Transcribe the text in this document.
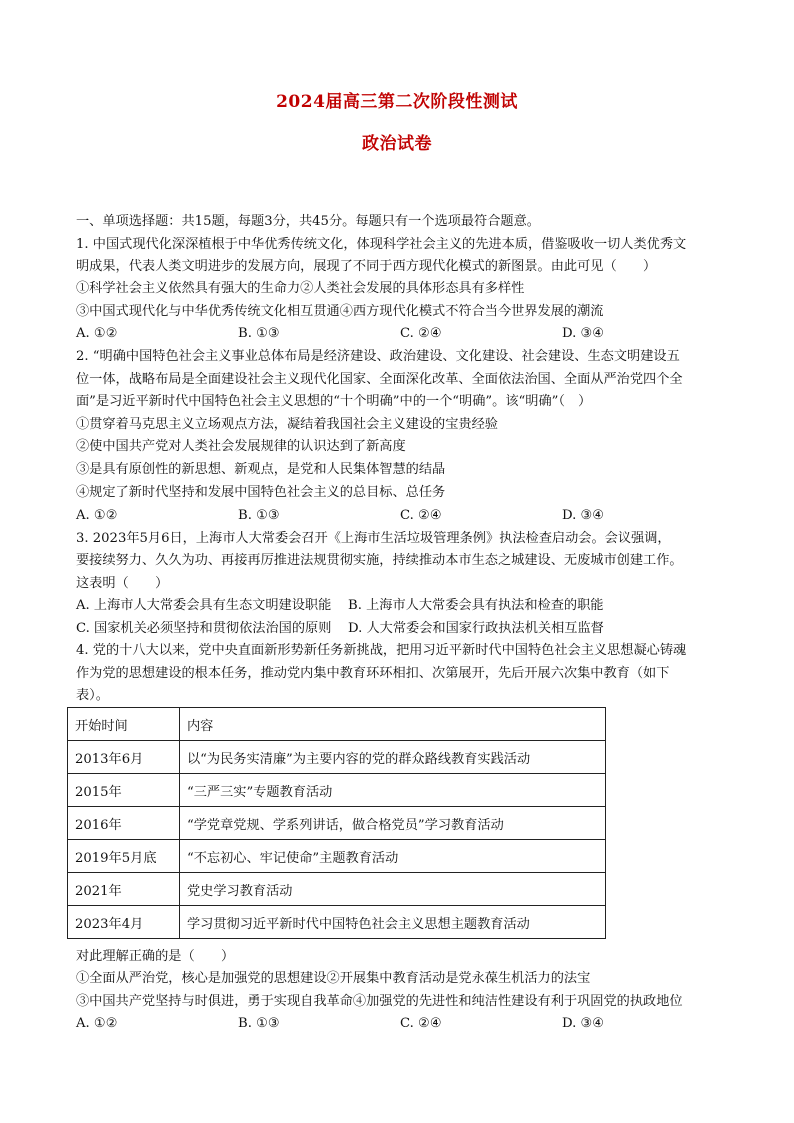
2024届高三第二次阶段性测试
政治试卷
一、单项选择题：共15题，每题3分，共45分。每题只有一个选项最符合题意。
1. 中国式现代化深深植根于中华优秀传统文化，体现科学社会主义的先进本质，借鉴吸收一切人类优秀文
明成果，代表人类文明进步的发展方向，展现了不同于西方现代化模式的新图景。由此可见（　　）
①科学社会主义依然具有强大的生命力②人类社会发展的具体形态具有多样性
③中国式现代化与中华优秀传统文化相互贯通④西方现代化模式不符合当今世界发展的潮流
A. ①②	B. ①③	C. ②④	D. ③④
2. “明确中国特色社会主义事业总体布局是经济建设、政治建设、文化建设、社会建设、生态文明建设五
位一体，战略布局是全面建设社会主义现代化国家、全面深化改革、全面依法治国、全面从严治党四个全
面”是习近平新时代中国特色社会主义思想的“十个明确”中的一个“明确”。该“明确”（　）
①贯穿着马克思主义立场观点方法，凝结着我国社会主义建设的宝贵经验
②使中国共产党对人类社会发展规律的认识达到了新高度
③是具有原创性的新思想、新观点，是党和人民集体智慧的结晶
④规定了新时代坚持和发展中国特色社会主义的总目标、总任务
A. ①②	B. ①③	C. ②④	D. ③④
3. 2023年5月6日，上海市人大常委会召开《上海市生活垃圾管理条例》执法检查启动会。会议强调，
要接续努力、久久为功、再接再厉推进法规贯彻实施，持续推动本市生态之城建设、无废城市创建工作。
这表明（　　）
A. 上海市人大常委会具有生态文明建设职能 B. 上海市人大常委会具有执法和检查的职能
C. 国家机关必须坚持和贯彻依法治国的原则 D. 人大常委会和国家行政执法机关相互监督
4. 党的十八大以来，党中央直面新形势新任务新挑战，把用习近平新时代中国特色社会主义思想凝心铸魂
作为党的思想建设的根本任务，推动党内集中教育环环相扣、次第展开，先后开展六次集中教育（如下
表）。
开始时间	内容
2013年6月	以“为民务实清廉”为主要内容的党的群众路线教育实践活动
2015年	“三严三实”专题教育活动
2016年	“学党章党规、学系列讲话，做合格党员”学习教育活动
2019年5月底	“不忘初心、牢记使命”主题教育活动
2021年	党史学习教育活动
2023年4月	学习贯彻习近平新时代中国特色社会主义思想主题教育活动
对此理解正确的是（　　）
①全面从严治党，核心是加强党的思想建设②开展集中教育活动是党永葆生机活力的法宝
③中国共产党坚持与时俱进，勇于实现自我革命④加强党的先进性和纯洁性建设有利于巩固党的执政地位
A. ①②	B. ①③	C. ②④	D. ③④
